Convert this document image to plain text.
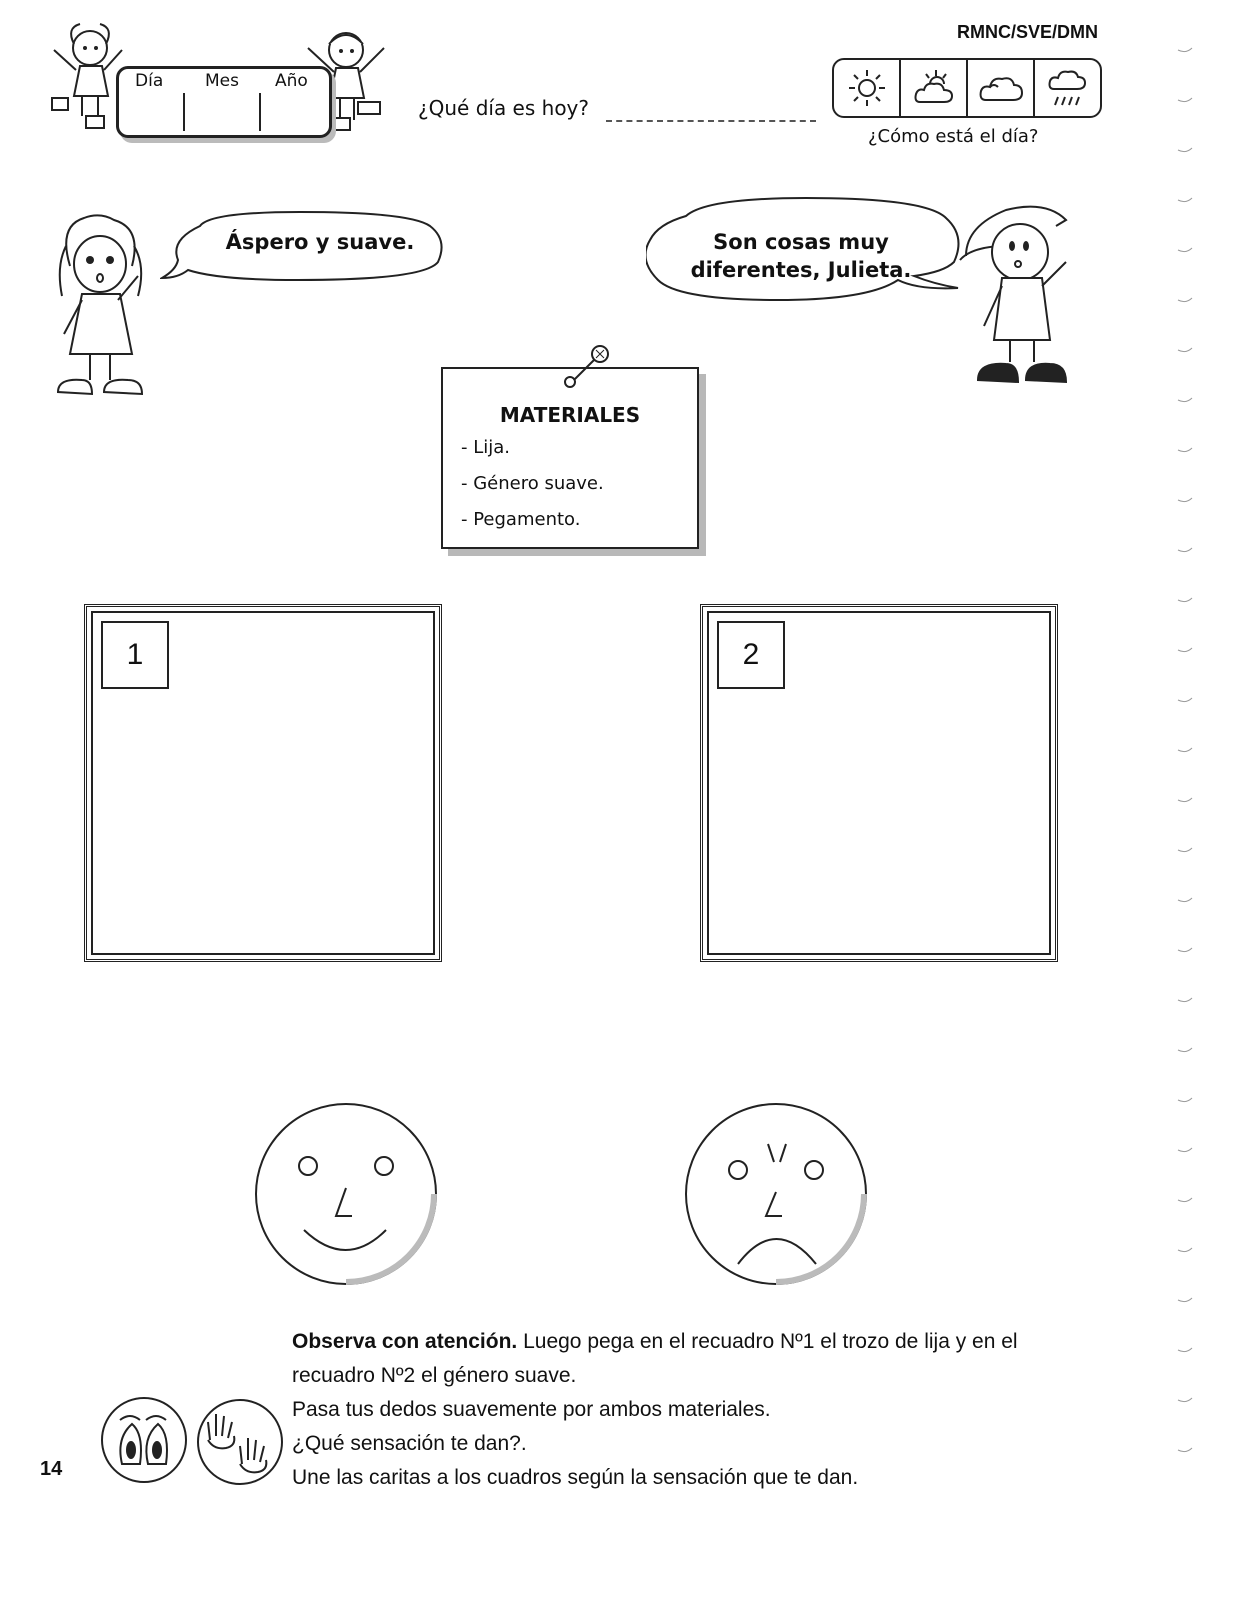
RMNC/SVE/DMN
Día Mes Año
¿Qué día es hoy?
¿Cómo está el día?
Áspero y suave.	Son cosas muy
diferentes, Julieta.
MATERIALES
- Lija.
- Género suave.
- Pegamento.
1	2
Observa con atención. Luego pega en el recuadro Nº1 el trozo de lija y en el
recuadro Nº2 el género suave.
Pasa tus dedos suavemente por ambos materiales.
¿Qué sensación te dan?.
Une las caritas a los cuadros según la sensación que te dan.
14
